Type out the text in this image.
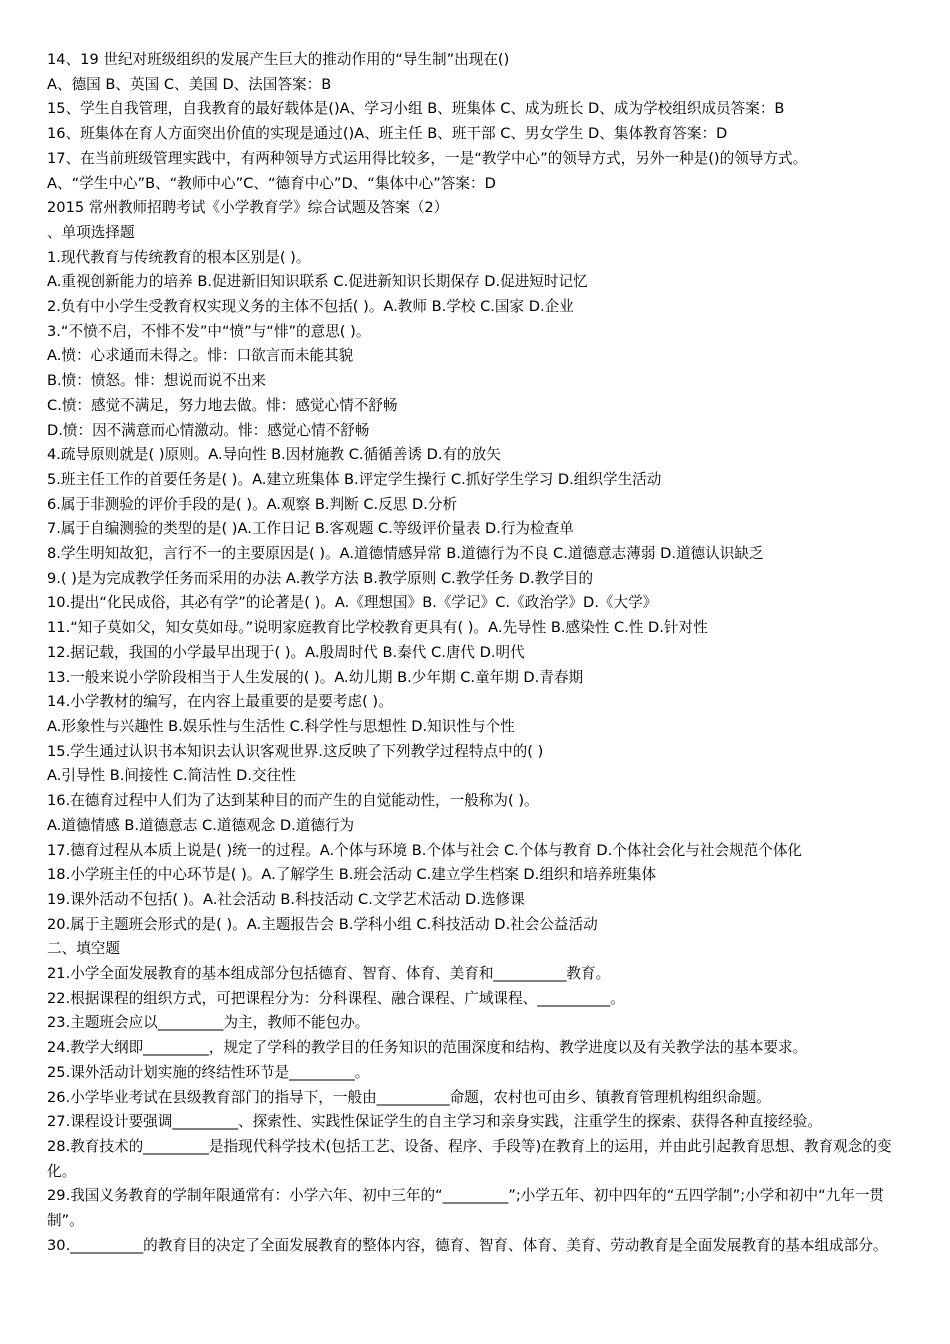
14、19 世纪对班级组织的发展产生巨大的推动作用的“导生制”出现在()
A、德国 B、英国 C、美国 D、法国答案：B
15、学生自我管理，自我教育的最好载体是()A、学习小组 B、班集体 C、成为班长 D、成为学校组织成员答案：B
16、班集体在育人方面突出价值的实现是通过()A、班主任 B、班干部 C、男女学生 D、集体教育答案：D
17、在当前班级管理实践中，有两种领导方式运用得比较多，一是“教学中心”的领导方式，另外一种是()的领导方式。
A、“学生中心”B、“教师中心”C、“德育中心”D、“集体中心”答案：D
2015 常州教师招聘考试《小学教育学》综合试题及答案（2）
、单项选择题
1.现代教育与传统教育的根本区别是( )。
A.重视创新能力的培养 B.促进新旧知识联系 C.促进新知识长期保存 D.促进短时记忆
2.负有中小学生受教育权实现义务的主体不包括( )。A.教师 B.学校 C.国家 D.企业
3.“不愤不启，不悱不发”中“愤”与“悱”的意思( )。
A.愤：心求通而未得之。悱：口欲言而未能其貌
B.愤：愤怒。悱：想说而说不出来
C.愤：感觉不满足，努力地去做。悱：感觉心情不舒畅
D.愤：因不满意而心情激动。悱：感觉心情不舒畅
4.疏导原则就是( )原则。A.导向性 B.因材施教 C.循循善诱 D.有的放矢
5.班主任工作的首要任务是( )。A.建立班集体 B.评定学生操行 C.抓好学生学习 D.组织学生活动
6.属于非测验的评价手段的是( )。A.观察 B.判断 C.反思 D.分析
7.属于自编测验的类型的是( )A.工作日记 B.客观题 C.等级评价量表 D.行为检查单
8.学生明知故犯，言行不一的主要原因是( )。A.道德情感异常 B.道德行为不良 C.道德意志薄弱 D.道德认识缺乏
9.( )是为完成教学任务而采用的办法 A.教学方法 B.教学原则 C.教学任务 D.教学目的
10.提出“化民成俗，其必有学”的论著是( )。A.《理想国》B.《学记》C.《政治学》D.《大学》
11.“知子莫如父，知女莫如母。”说明家庭教育比学校教育更具有( )。A.先导性 B.感染性 C.性 D.针对性
12.据记载，我国的小学最早出现于( )。A.殷周时代 B.秦代 C.唐代 D.明代
13.一般来说小学阶段相当于人生发展的( )。A.幼儿期 B.少年期 C.童年期 D.青春期
14.小学教材的编写，在内容上最重要的是要考虑( )。
A.形象性与兴趣性 B.娱乐性与生活性 C.科学性与思想性 D.知识性与个性
15.学生通过认识书本知识去认识客观世界.这反映了下列教学过程特点中的( )
A.引导性 B.间接性 C.简洁性 D.交往性
16.在德育过程中人们为了达到某种目的而产生的自觉能动性，一般称为( )。
A.道德情感 B.道德意志 C.道德观念 D.道德行为
17.德育过程从本质上说是( )统一的过程。A.个体与环境 B.个体与社会 C.个体与教育 D.个体社会化与社会规范个体化
18.小学班主任的中心环节是( )。A.了解学生 B.班会活动 C.建立学生档案 D.组织和培养班集体
19.课外活动不包括( )。A.社会活动 B.科技活动 C.文学艺术活动 D.选修课
20.属于主题班会形式的是( )。A.主题报告会 B.学科小组 C.科技活动 D.社会公益活动
二、填空题
21.小学全面发展教育的基本组成部分包括德育、智育、体育、美育和__________教育。
22.根据课程的组织方式，可把课程分为：分科课程、融合课程、广域课程、__________。
23.主题班会应以_________为主，教师不能包办。
24.教学大纲即_________，规定了学科的教学目的任务知识的范围深度和结构、教学进度以及有关教学法的基本要求。
25.课外活动计划实施的终结性环节是_________。
26.小学毕业考试在县级教育部门的指导下，一般由__________命题，农村也可由乡、镇教育管理机构组织命题。
27.课程设计要强调_________、探索性、实践性保证学生的自主学习和亲身实践，注重学生的探索、获得各种直接经验。
28.教育技术的_________是指现代科学技术(包括工艺、设备、程序、手段等)在教育上的运用，并由此引起教育思想、教育观念的变化。
29.我国义务教育的学制年限通常有：小学六年、初中三年的“_________”;小学五年、初中四年的“五四学制”;小学和初中“九年一贯制”。
30.__________的教育目的决定了全面发展教育的整体内容，德育、智育、体育、美育、劳动教育是全面发展教育的基本组成部分。
